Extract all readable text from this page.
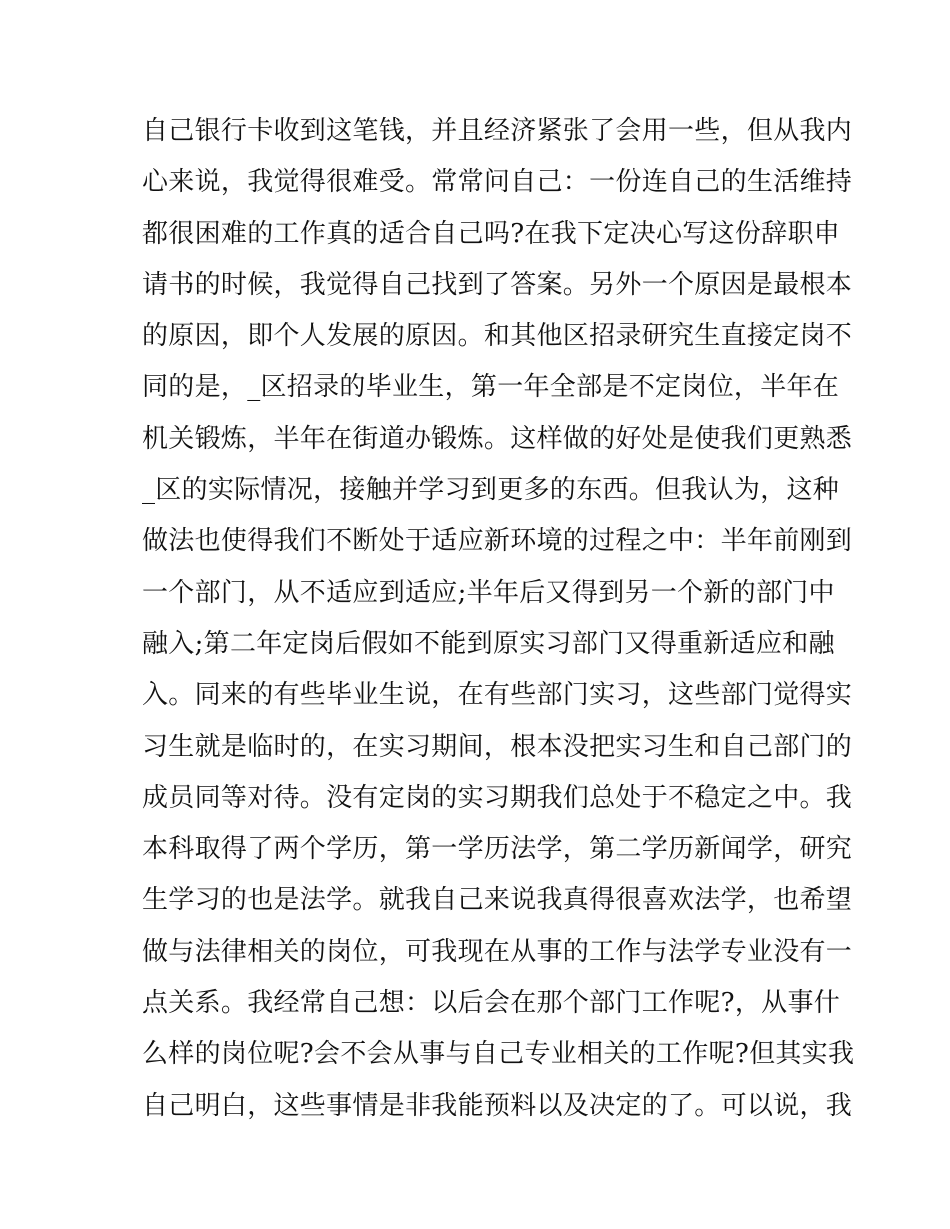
自己银行卡收到这笔钱，并且经济紧张了会用一些，但从我内
心来说，我觉得很难受。常常问自己：一份连自己的生活维持
都很困难的工作真的适合自己吗?在我下定决心写这份辞职申
请书的时候，我觉得自己找到了答案。另外一个原因是最根本
的原因，即个人发展的原因。和其他区招录研究生直接定岗不
同的是，_区招录的毕业生，第一年全部是不定岗位，半年在
机关锻炼，半年在街道办锻炼。这样做的好处是使我们更熟悉
_区的实际情况，接触并学习到更多的东西。但我认为，这种
做法也使得我们不断处于适应新环境的过程之中：半年前刚到
一个部门，从不适应到适应;半年后又得到另一个新的部门中
融入;第二年定岗后假如不能到原实习部门又得重新适应和融
入。同来的有些毕业生说，在有些部门实习，这些部门觉得实
习生就是临时的，在实习期间，根本没把实习生和自己部门的
成员同等对待。没有定岗的实习期我们总处于不稳定之中。我
本科取得了两个学历，第一学历法学，第二学历新闻学，研究
生学习的也是法学。就我自己来说我真得很喜欢法学，也希望
做与法律相关的岗位，可我现在从事的工作与法学专业没有一
点关系。我经常自己想：以后会在那个部门工作呢?，从事什
么样的岗位呢?会不会从事与自己专业相关的工作呢?但其实我
自己明白，这些事情是非我能预料以及决定的了。可以说，我
